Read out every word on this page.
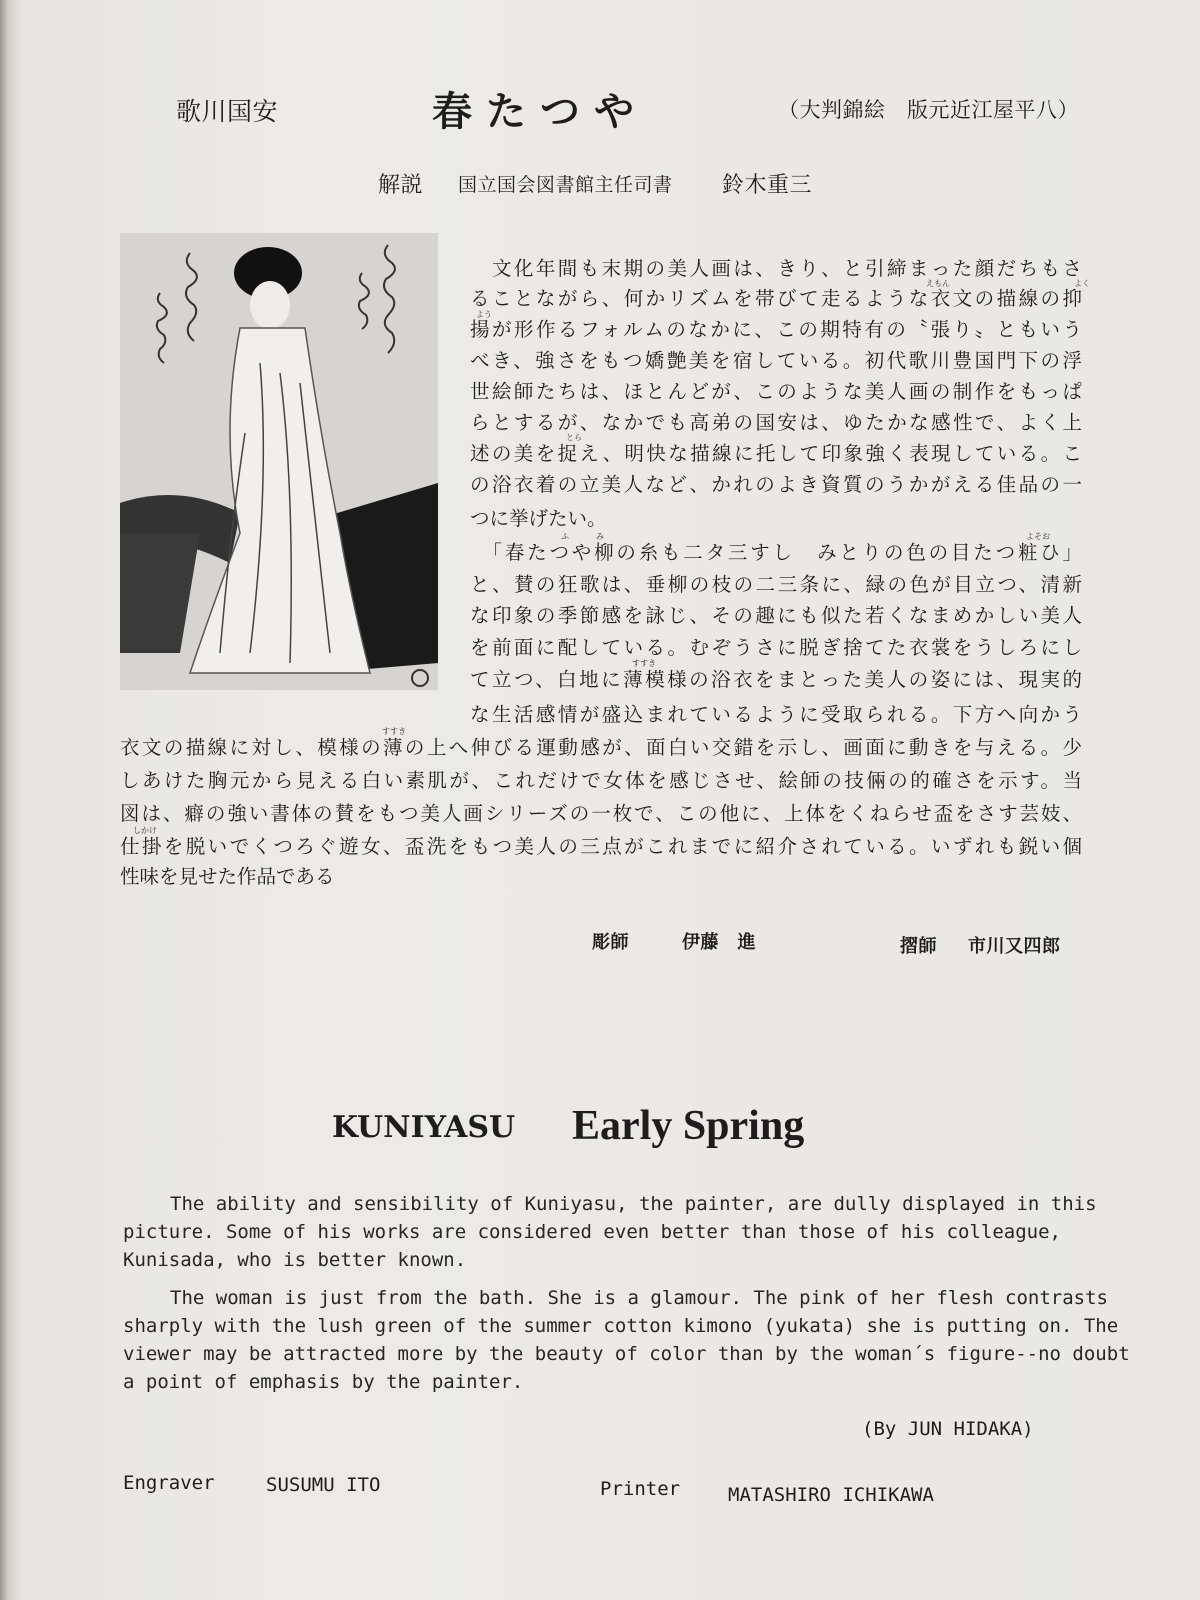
歌川国安	春たつや	（大判錦絵　版元近江屋平八）
解説 国立国会図書館主任司書 鈴木重三
　文化年間も末期の美人画は、きり、と引締まった顔だちもさ
ることながら、何かリズムを帯びて走るような衣文の描線の抑
揚が形作るフォルムのなかに、この期特有の〝張り〟ともいう
べき、強さをもつ嬌艶美を宿している。初代歌川豊国門下の浮
世絵師たちは、ほとんどが、このような美人画の制作をもっぱ
らとするが、なかでも高弟の国安は、ゆたかな感性で、よく上
述の美を捉え、明快な描線に托して印象強く表現している。こ
の浴衣着の立美人など、かれのよき資質のうかがえる佳品の一
つに挙げたい。
　「春たつや柳の糸も二タ三すし　みとりの色の目たつ粧ひ」
と、賛の狂歌は、垂柳の枝の二三条に、緑の色が目立つ、清新
な印象の季節感を詠じ、その趣にも似た若くなまめかしい美人
を前面に配している。むぞうさに脱ぎ捨てた衣裳をうしろにし
て立つ、白地に薄模様の浴衣をまとった美人の姿には、現実的
な生活感情が盛込まれているように受取られる。下方へ向かう
衣文の描線に対し、模様の薄の上へ伸びる運動感が、面白い交錯を示し、画面に動きを与える。少
しあけた胸元から見える白い素肌が、これだけで女体を感じさせ、絵師の技倆の的確さを示す。当
図は、癖の強い書体の賛をもつ美人画シリーズの一枚で、この他に、上体をくねらせ盃をさす芸妓、
仕掛を脱いでくつろぐ遊女、盃洗をもつ美人の三点がこれまでに紹介されている。いずれも鋭い個
性味を見せた作品である
えもん	よく
よう
とら
ふ	み	よそお
すすき
すすき
しかけ
彫師	伊藤　進	摺師 市川又四郎
KUNIYASU Early Spring
The ability and sensibility of Kuniyasu, the painter, are dully displayed in this
picture. Some of his works are considered even better than those of his colleague,
Kunisada, who is better known.
The woman is just from the bath. She is a glamour. The pink of her flesh contrasts
sharply with the lush green of the summer cotton kimono (yukata) she is putting on. The
viewer may be attracted more by the beauty of color than by the woman´s figure--no doubt
a point of emphasis by the painter.
(By JUN HIDAKA)
Engraver	SUSUMU ITO	Printer	MATASHIRO ICHIKAWA
